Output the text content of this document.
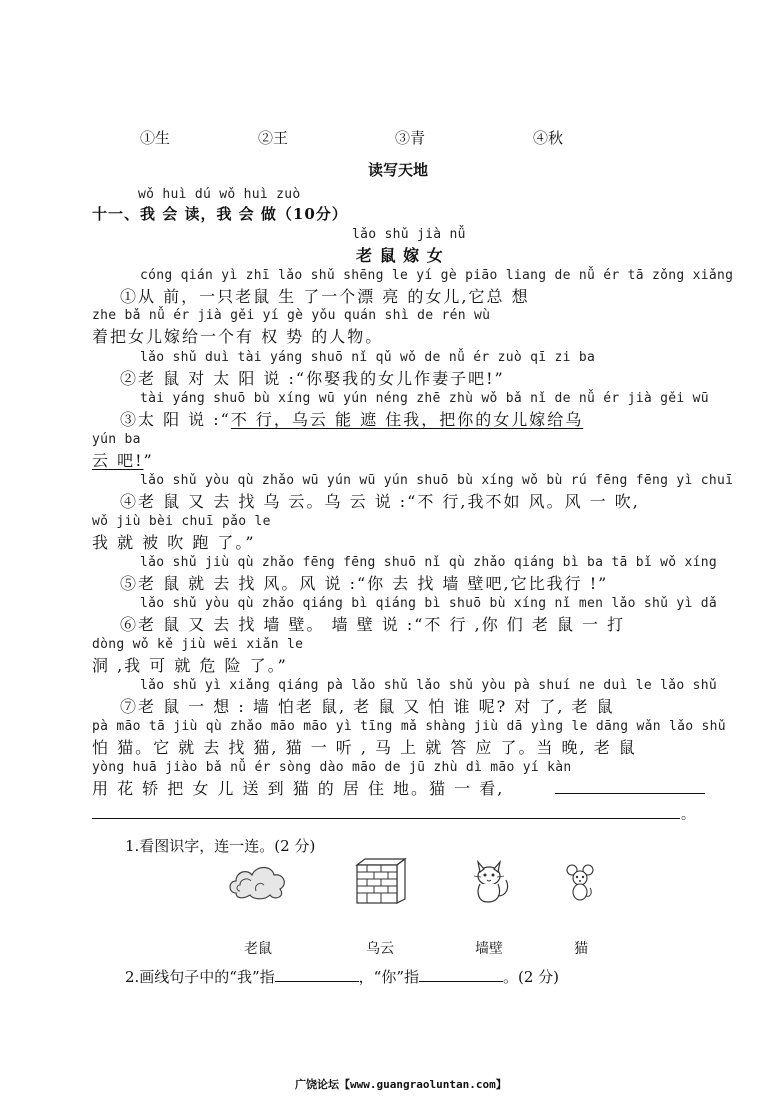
①生	②王	③青	④秋
读写天地
wǒ huì dú wǒ huì zuò
十一、我 会 读，我 会 做（10分）
lǎo shǔ jià nǚ
老 鼠 嫁 女
cóng qián yì zhī lǎo shǔ shēng le yí gè piāo liang de nǚ ér tā zǒng xiǎng
①从 前，一只老鼠 生 了一个漂 亮 的女儿,它总 想
zhe bǎ nǚ ér jià gěi yí gè yǒu quán shì de rén wù
着把女儿嫁给一个有 权 势 的人物。
lǎo shǔ duì tài yáng shuō nǐ qǔ wǒ de nǚ ér zuò qī zi ba
②老 鼠 对 太 阳 说 :“你娶我的女儿作妻子吧!”
tài yáng shuō bù xíng wū yún néng zhē zhù wǒ bǎ nǐ de nǚ ér jià gěi wū
③太 阳 说 :“不 行，乌云 能 遮 住我，把你的女儿嫁给乌
yún ba
云 吧!”
lǎo shǔ yòu qù zhǎo wū yún wū yún shuō bù xíng wǒ bù rú fēng fēng yì chuī
④老 鼠 又 去 找 乌 云。乌 云 说 :“不 行,我不如 风。风 一 吹,
wǒ jiù bèi chuī pǎo le
我 就 被 吹 跑 了。”
lǎo shǔ jiù qù zhǎo fēng fēng shuō nǐ qù zhǎo qiáng bì ba tā bǐ wǒ xíng
⑤老 鼠 就 去 找 风。风 说 :“你 去 找 墙 壁吧,它比我行 !”
lǎo shǔ yòu qù zhǎo qiáng bì qiáng bì shuō bù xíng nǐ men lǎo shǔ yì dǎ
⑥老 鼠 又 去 找 墙 壁。 墙 壁 说 :“不 行 ,你 们 老 鼠 一 打
dòng wǒ kě jiù wēi xiǎn le
洞 ,我 可 就 危 险 了。”
lǎo shǔ yì xiǎng qiáng pà lǎo shǔ lǎo shǔ yòu pà shuí ne duì le lǎo shǔ
⑦老 鼠 一 想 : 墙 怕老 鼠, 老 鼠 又 怕 谁 呢? 对 了, 老 鼠
pà māo tā jiù qù zhǎo māo māo yì tīng mǎ shàng jiù dā yìng le dāng wǎn lǎo shǔ
怕 猫。它 就 去 找 猫, 猫 一 听 , 马 上 就 答 应 了。当 晚, 老 鼠
yòng huā jiào bǎ nǚ ér sòng dào māo de jū zhù dì māo yí kàn
用 花 轿 把 女 儿 送 到 猫 的 居 住 地。猫 一 看,
。
1.看图识字，连一连。(2 分)
老鼠	乌云	墙壁	猫
2.画线句子中的“我”指	，“你”指	。(2 分)
广饶论坛【www.guangraoluntan.com】
